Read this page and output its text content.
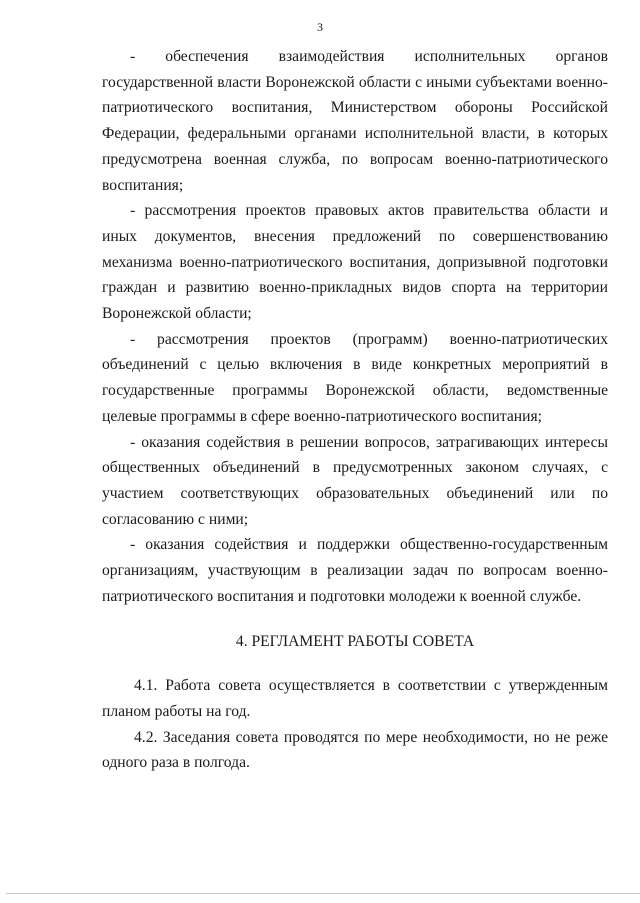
3

- обеспечения взаимодействия исполнительных органов государственной власти Воронежской области с иными субъектами военно-патриотического воспитания, Министерством обороны Российской Федерации, федеральными органами исполнительной власти, в которых предусмотрена военная служба, по вопросам военно-патриотического воспитания;

- рассмотрения проектов правовых актов правительства области и иных документов, внесения предложений по совершенствованию механизма военно-патриотического воспитания, допризывной подготовки граждан и развитию военно-прикладных видов спорта на территории Воронежской области;

- рассмотрения проектов (программ) военно-патриотических объединений с целью включения в виде конкретных мероприятий в государственные программы Воронежской области, ведомственные целевые программы в сфере военно-патриотического воспитания;

- оказания содействия в решении вопросов, затрагивающих интересы общественных объединений в предусмотренных законом случаях, с участием соответствующих образовательных объединений или по согласованию с ними;

- оказания содействия и поддержки общественно-государственным организациям, участвующим в реализации задач по вопросам военно-патриотического воспитания и подготовки молодежи к военной службе.

4. РЕГЛАМЕНТ РАБОТЫ СОВЕТА

4.1. Работа совета осуществляется в соответствии с утвержденным планом работы на год.

4.2. Заседания совета проводятся по мере необходимости, но не реже одного раза в полгода.
